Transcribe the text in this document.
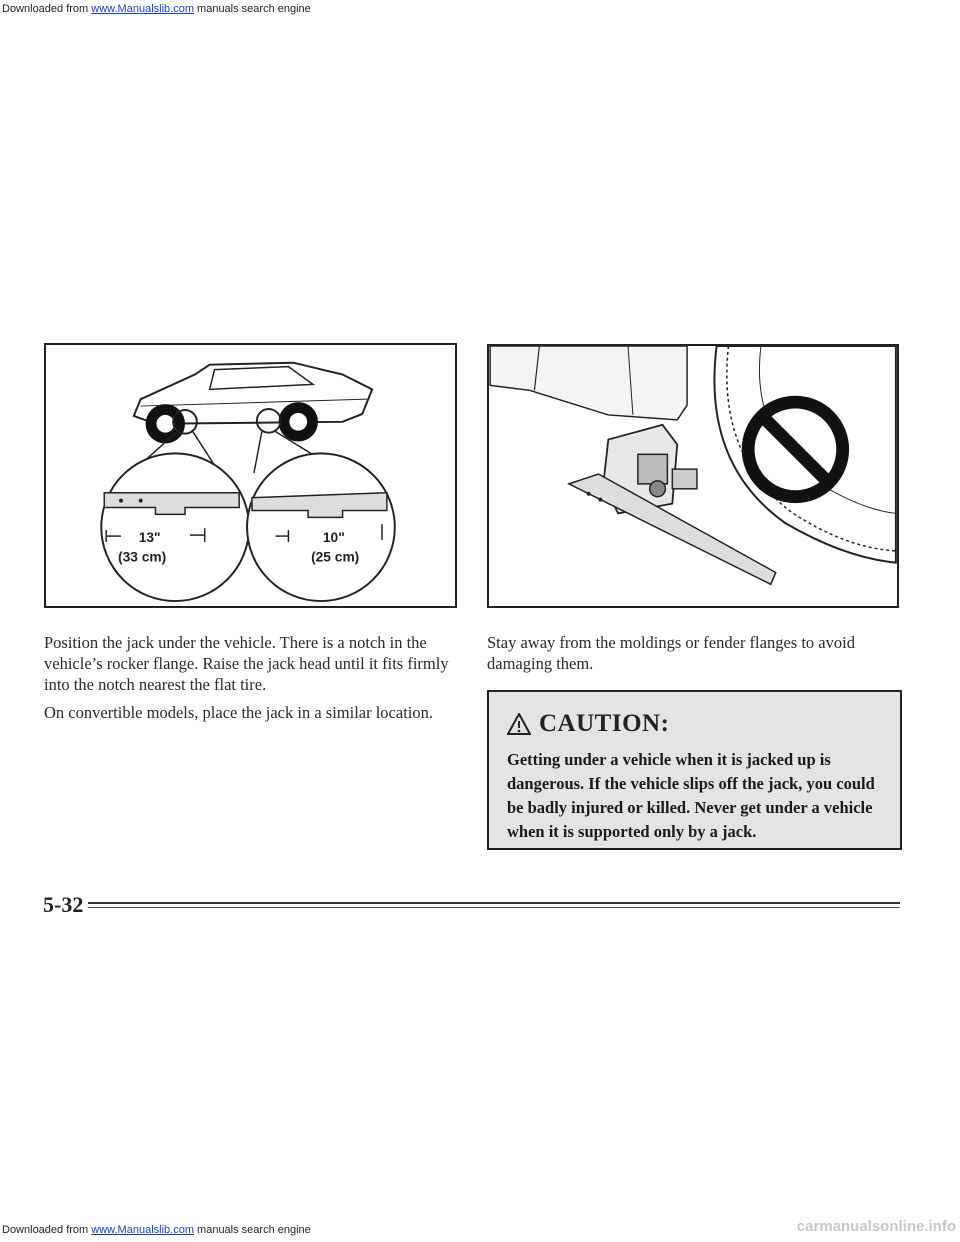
Downloaded from www.Manualslib.com manuals search engine
13"
(33 cm)
10"
(25 cm)

Position the jack under the vehicle. There is a notch in the vehicle’s rocker flange. Raise the jack head until it fits firmly into the notch nearest the flat tire.

On convertible models, place the jack in a similar location.

Stay away from the moldings or fender flanges to avoid damaging them.

CAUTION:

Getting under a vehicle when it is jacked up is dangerous. If the vehicle slips off the jack, you could be badly injured or killed. Never get under a vehicle when it is supported only by a jack.

5-32
Downloaded from www.Manualslib.com manuals search engine	carmanualsonline.info
